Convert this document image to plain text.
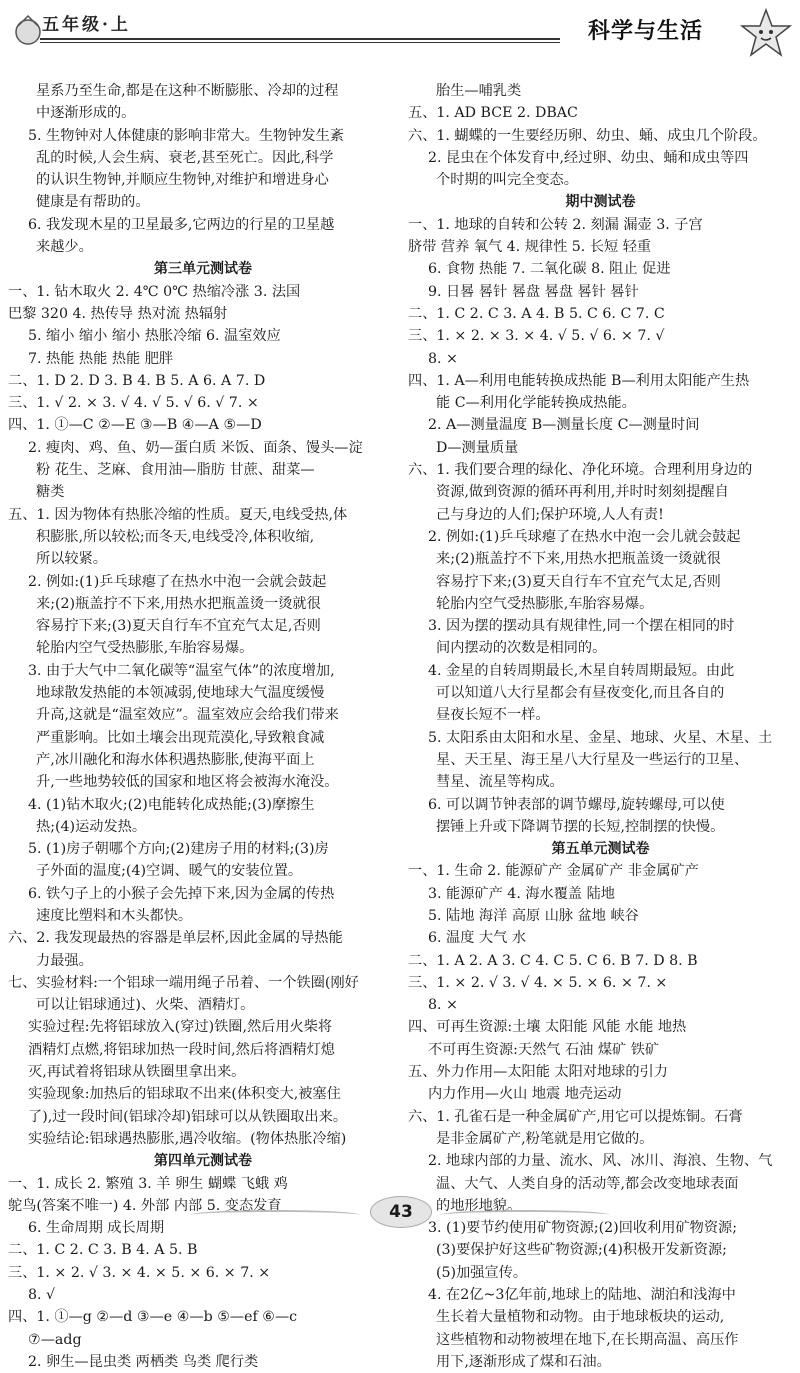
五年级·上	科学与生活
星系乃至生命,都是在这种不断膨胀、冷却的过程
中逐渐形成的。
5. 生物钟对人体健康的影响非常大。生物钟发生紊
乱的时候,人会生病、衰老,甚至死亡。因此,科学
的认识生物钟,并顺应生物钟,对维护和增进身心
健康是有帮助的。
6. 我发现木星的卫星最多,它两边的行星的卫星越
来越少。
第三单元测试卷
一、1. 钻木取火 2. 4℃ 0℃ 热缩冷涨 3. 法国
巴黎 320 4. 热传导 热对流 热辐射
5. 缩小 缩小 缩小 热胀冷缩 6. 温室效应
7. 热能 热能 热能 肥胖
二、1. D 2. D 3. B 4. B 5. A 6. A 7. D
三、1. √ 2. × 3. √ 4. √ 5. √ 6. √ 7. ×
四、1. ①—C ②—E ③—B ④—A ⑤—D
2. 瘦肉、鸡、鱼、奶—蛋白质 米饭、面条、馒头—淀
粉 花生、芝麻、食用油—脂肪 甘蔗、甜菜—
糖类
五、1. 因为物体有热胀冷缩的性质。夏天,电线受热,体
积膨胀,所以较松;而冬天,电线受冷,体积收缩,
所以较紧。
2. 例如:(1)乒乓球瘪了在热水中泡一会就会鼓起
来;(2)瓶盖拧不下来,用热水把瓶盖烫一烫就很
容易拧下来;(3)夏天自行车不宜充气太足,否则
轮胎内空气受热膨胀,车胎容易爆。
3. 由于大气中二氧化碳等“温室气体”的浓度增加,
地球散发热能的本领减弱,使地球大气温度缓慢
升高,这就是“温室效应”。温室效应会给我们带来
严重影响。比如土壤会出现荒漠化,导致粮食减
产,冰川融化和海水体积遇热膨胀,使海平面上
升,一些地势较低的国家和地区将会被海水淹没。
4. (1)钻木取火;(2)电能转化成热能;(3)摩擦生
热;(4)运动发热。
5. (1)房子朝哪个方向;(2)建房子用的材料;(3)房
子外面的温度;(4)空调、暖气的安装位置。
6. 铁勺子上的小猴子会先掉下来,因为金属的传热
速度比塑料和木头都快。
六、2. 我发现最热的容器是单层杯,因此金属的导热能
力最强。
七、实验材料:一个铝球一端用绳子吊着、一个铁圈(刚好
可以让铝球通过)、火柴、酒精灯。
实验过程:先将铝球放入(穿过)铁圈,然后用火柴将
酒精灯点燃,将铝球加热一段时间,然后将酒精灯熄
灭,再试着将铝球从铁圈里拿出来。
实验现象:加热后的铝球取不出来(体积变大,被塞住
了),过一段时间(铝球冷却)铝球可以从铁圈取出来。
实验结论:铝球遇热膨胀,遇冷收缩。(物体热胀冷缩)
第四单元测试卷
一、1. 成长 2. 繁殖 3. 羊 卵生 蝴蝶 飞蛾 鸡
鸵鸟(答案不唯一) 4. 外部 内部 5. 变态发育
6. 生命周期 成长周期
二、1. C 2. C 3. B 4. A 5. B
三、1. × 2. √ 3. × 4. × 5. × 6. × 7. ×
8. √
四、1. ①—g ②—d ③—e ④—b ⑤—ef ⑥—c
⑦—adg
2. 卵生—昆虫类 两栖类 鸟类 爬行类
胎生—哺乳类
五、1. AD BCE 2. DBAC
六、1. 蝴蝶的一生要经历卵、幼虫、蛹、成虫几个阶段。
2. 昆虫在个体发育中,经过卵、幼虫、蛹和成虫等四
个时期的叫完全变态。
期中测试卷
一、1. 地球的自转和公转 2. 刻漏 漏壶 3. 子宫
脐带 营养 氧气 4. 规律性 5. 长短 轻重
6. 食物 热能 7. 二氧化碳 8. 阻止 促进
9. 日晷 晷针 晷盘 晷盘 晷针 晷针
二、1. C 2. C 3. A 4. B 5. C 6. C 7. C
三、1. × 2. × 3. × 4. √ 5. √ 6. × 7. √
8. ×
四、1. A—利用电能转换成热能 B—利用太阳能产生热
能 C—利用化学能转换成热能。
2. A—测量温度 B—测量长度 C—测量时间
D—测量质量
六、1. 我们要合理的绿化、净化环境。合理利用身边的
资源,做到资源的循环再利用,并时时刻刻提醒自
己与身边的人们;保护环境,人人有责!
2. 例如:(1)乒乓球瘪了在热水中泡一会儿就会鼓起
来;(2)瓶盖拧不下来,用热水把瓶盖烫一烫就很
容易拧下来;(3)夏天自行车不宜充气太足,否则
轮胎内空气受热膨胀,车胎容易爆。
3. 因为摆的摆动具有规律性,同一个摆在相同的时
间内摆动的次数是相同的。
4. 金星的自转周期最长,木星自转周期最短。由此
可以知道八大行星都会有昼夜变化,而且各自的
昼夜长短不一样。
5. 太阳系由太阳和水星、金星、地球、火星、木星、土
星、天王星、海王星八大行星及一些运行的卫星、
彗星、流星等构成。
6. 可以调节钟表部的调节螺母,旋转螺母,可以使
摆锤上升或下降调节摆的长短,控制摆的快慢。
第五单元测试卷
一、1. 生命 2. 能源矿产 金属矿产 非金属矿产
3. 能源矿产 4. 海水覆盖 陆地
5. 陆地 海洋 高原 山脉 盆地 峡谷
6. 温度 大气 水
二、1. A 2. A 3. C 4. C 5. C 6. B 7. D 8. B
三、1. × 2. √ 3. √ 4. × 5. × 6. × 7. ×
8. ×
四、可再生资源:土壤 太阳能 风能 水能 地热
不可再生资源:天然气 石油 煤矿 铁矿
五、外力作用—太阳能 太阳对地球的引力
内力作用—火山 地震 地壳运动
六、1. 孔雀石是一种金属矿产,用它可以提炼铜。石膏
是非金属矿产,粉笔就是用它做的。
2. 地球内部的力量、流水、风、冰川、海浪、生物、气
温、大气、人类自身的活动等,都会改变地球表面
的地形地貌。
3. (1)要节约使用矿物资源;(2)回收利用矿物资源;
(3)要保护好这些矿物资源;(4)积极开发新资源;
(5)加强宣传。
4. 在2亿~3亿年前,地球上的陆地、湖泊和浅海中
生长着大量植物和动物。由于地球板块的运动,
这些植物和动物被埋在地下,在长期高温、高压作
用下,逐渐形成了煤和石油。
43
